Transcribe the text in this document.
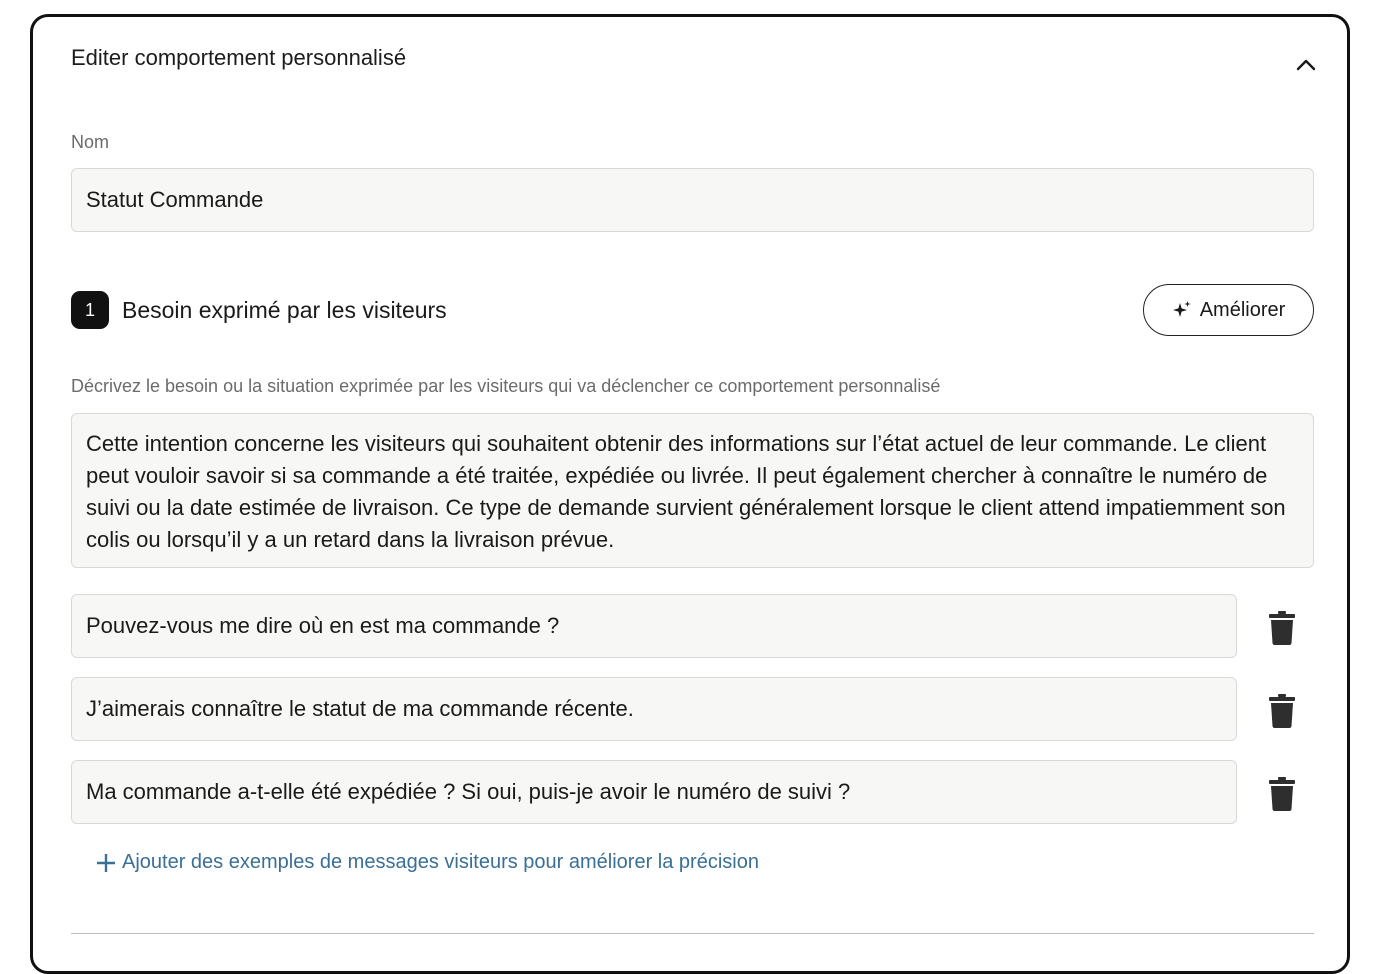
Editer comportement personnalisé
Nom
Statut Commande
1	Besoin exprimé par les visiteurs	Améliorer
Décrivez le besoin ou la situation exprimée par les visiteurs qui va déclencher ce comportement personnalisé
Cette intention concerne les visiteurs qui souhaitent obtenir des informations sur l’état actuel de leur commande. Le client peut vouloir savoir si sa commande a été traitée, expédiée ou livrée. Il peut également chercher à connaître le numéro de suivi ou la date estimée de livraison. Ce type de demande survient généralement lorsque le client attend impatiemment son colis ou lorsqu’il y a un retard dans la livraison prévue.
Pouvez-vous me dire où en est ma commande ?
J’aimerais connaître le statut de ma commande récente.
Ma commande a-t-elle été expédiée ? Si oui, puis-je avoir le numéro de suivi ?
Ajouter des exemples de messages visiteurs pour améliorer la précision
